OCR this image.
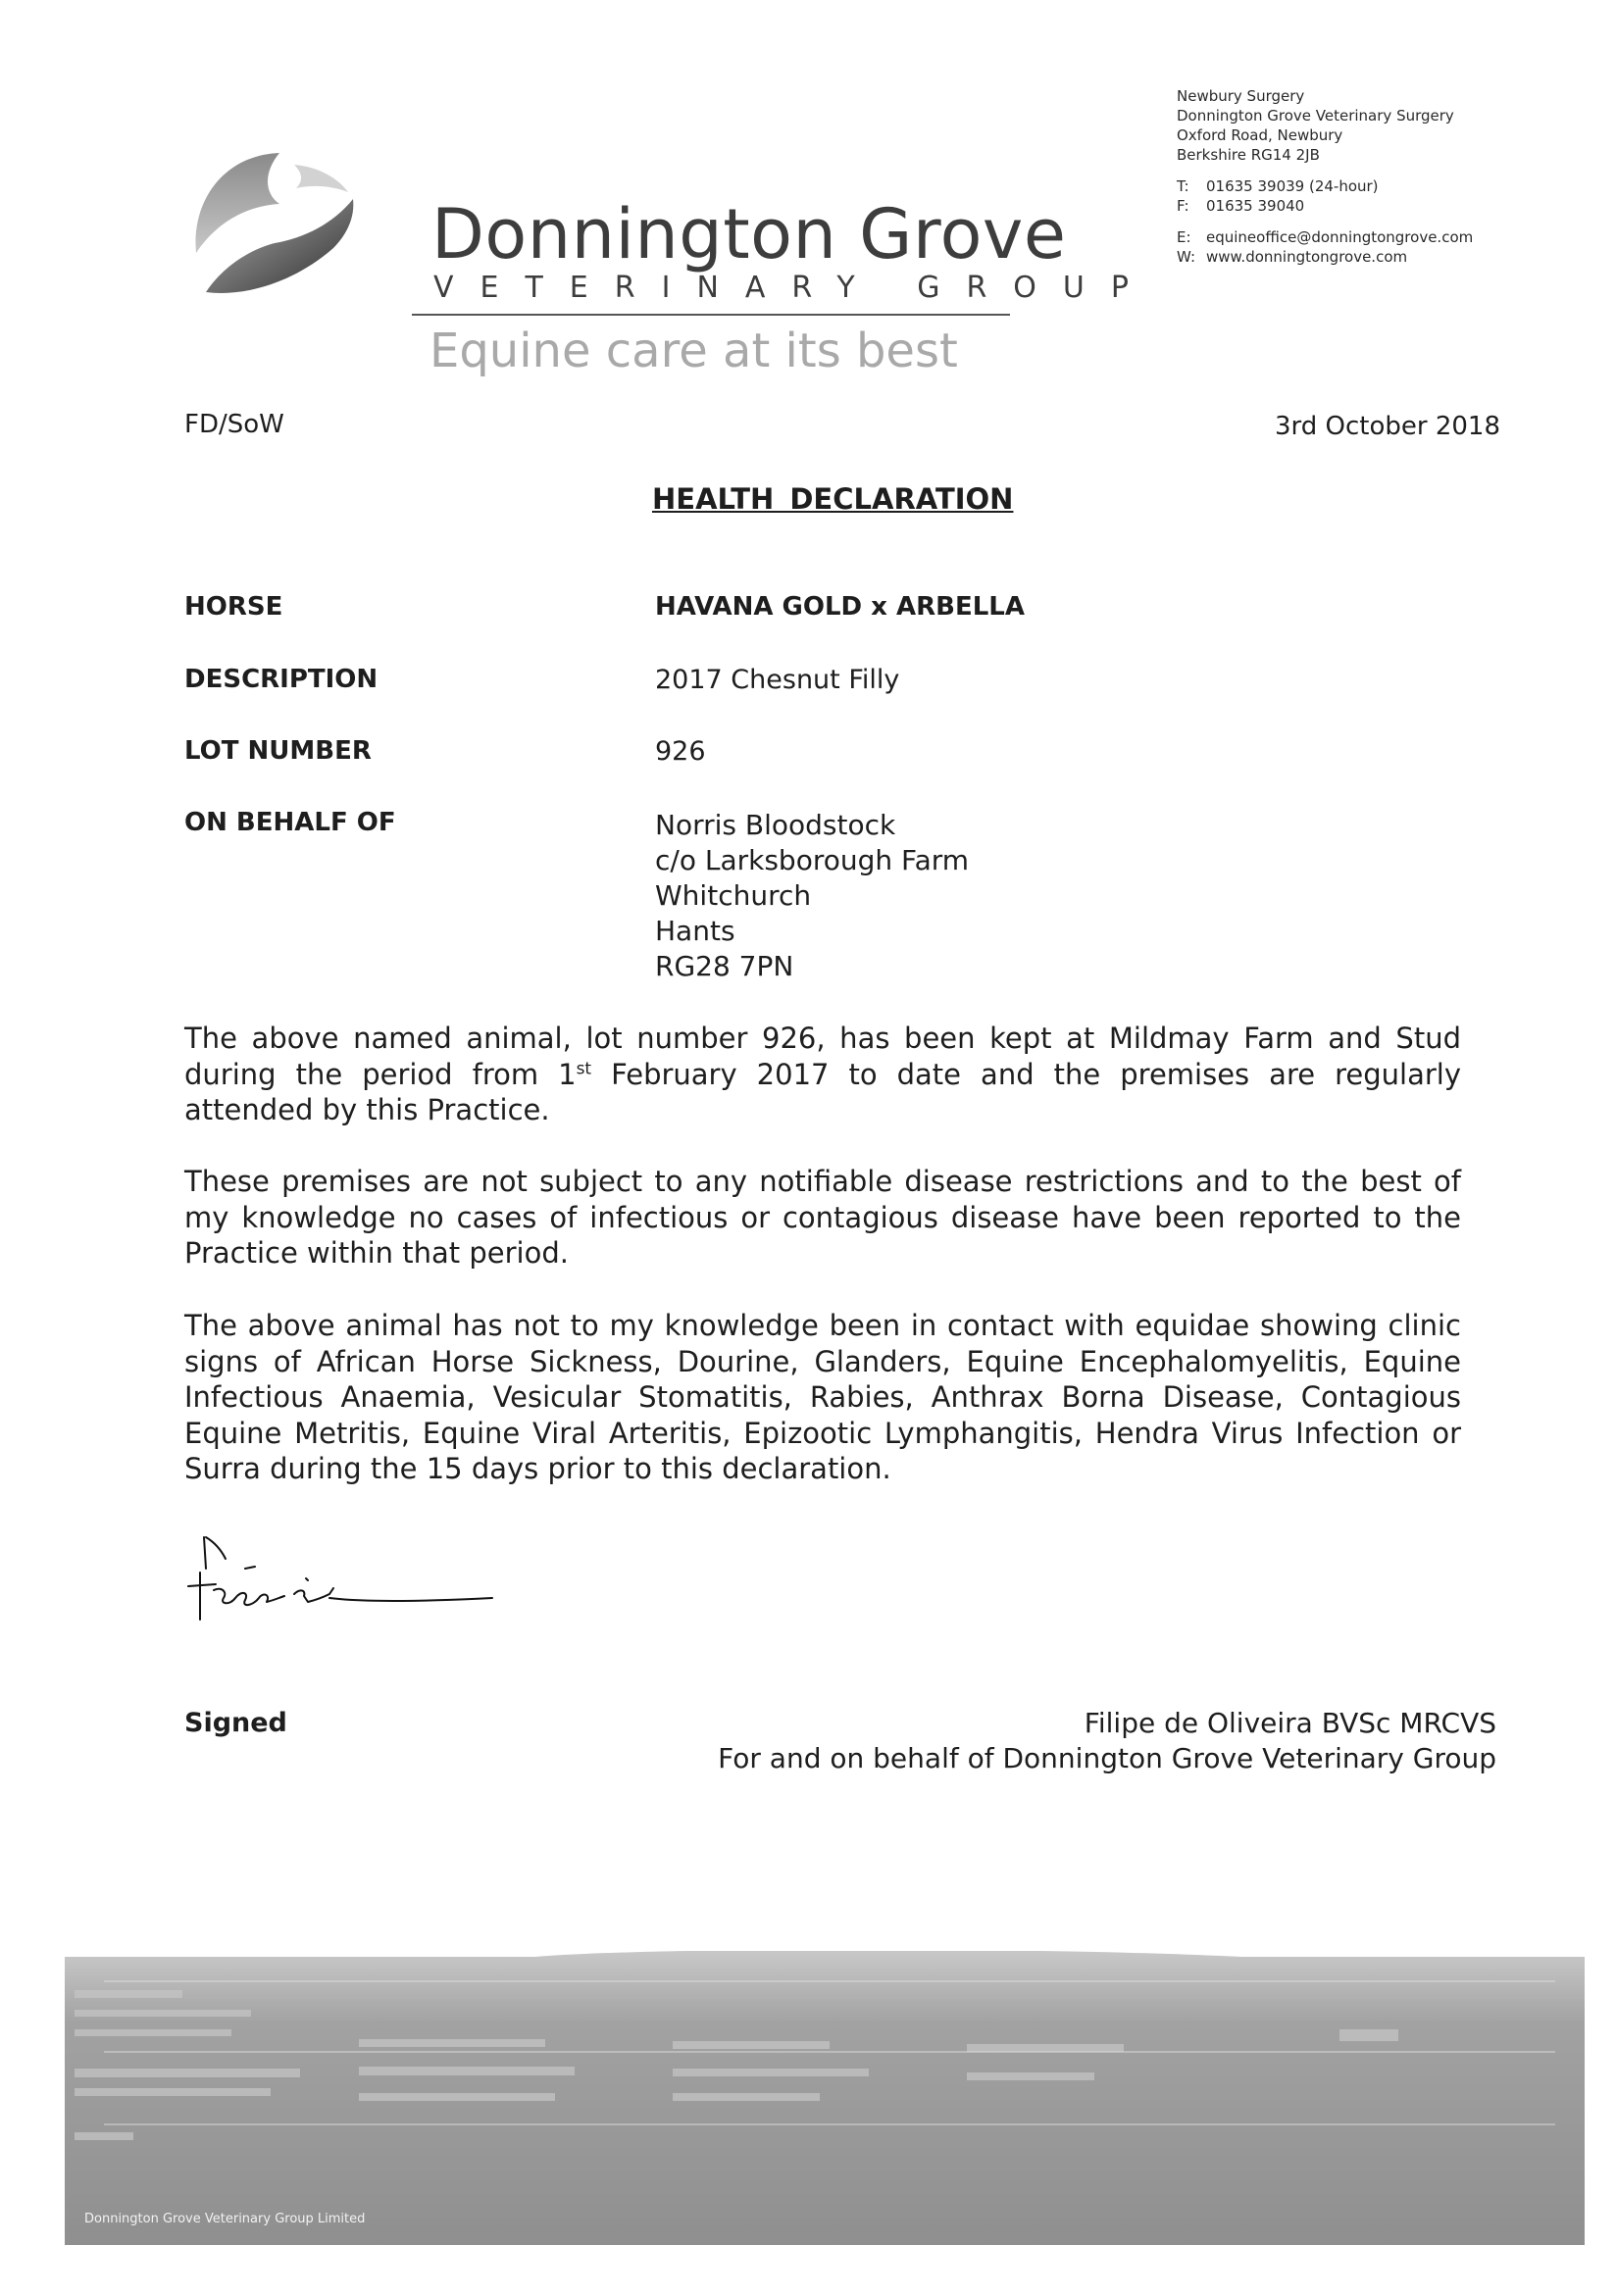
Donnington Grove
VETERINARY GROUP
Equine care at its best
Newbury Surgery
Donnington Grove Veterinary Surgery
Oxford Road, Newbury
Berkshire RG14 2JB
T: 01635 39039 (24-hour)
F: 01635 39040
E: equineoffice@donningtongrove.com
W: www.donningtongrove.com
FD/SoW	3rd October 2018
HEALTH DECLARATION
HORSE	HAVANA GOLD x ARBELLA
DESCRIPTION	2017 Chesnut Filly
LOT NUMBER	926
ON BEHALF OF	Norris Bloodstock
c/o Larksborough Farm
Whitchurch
Hants
RG28 7PN
The above named animal, lot number 926, has been kept at Mildmay Farm and Stud during the period from 1st February 2017 to date and the premises are regularly attended by this Practice.
These premises are not subject to any notifiable disease restrictions and to the best of my knowledge no cases of infectious or contagious disease have been reported to the Practice within that period.
The above animal has not to my knowledge been in contact with equidae showing clinic signs of African Horse Sickness, Dourine, Glanders, Equine Encephalomyelitis, Equine Infectious Anaemia, Vesicular Stomatitis, Rabies, Anthrax Borna Disease, Contagious Equine Metritis, Equine Viral Arteritis, Epizootic Lymphangitis, Hendra Virus Infection or Surra during the 15 days prior to this declaration.
Signed	Filipe de Oliveira BVSc MRCVS
For and on behalf of Donnington Grove Veterinary Group
Donnington Grove Veterinary Group Limited
